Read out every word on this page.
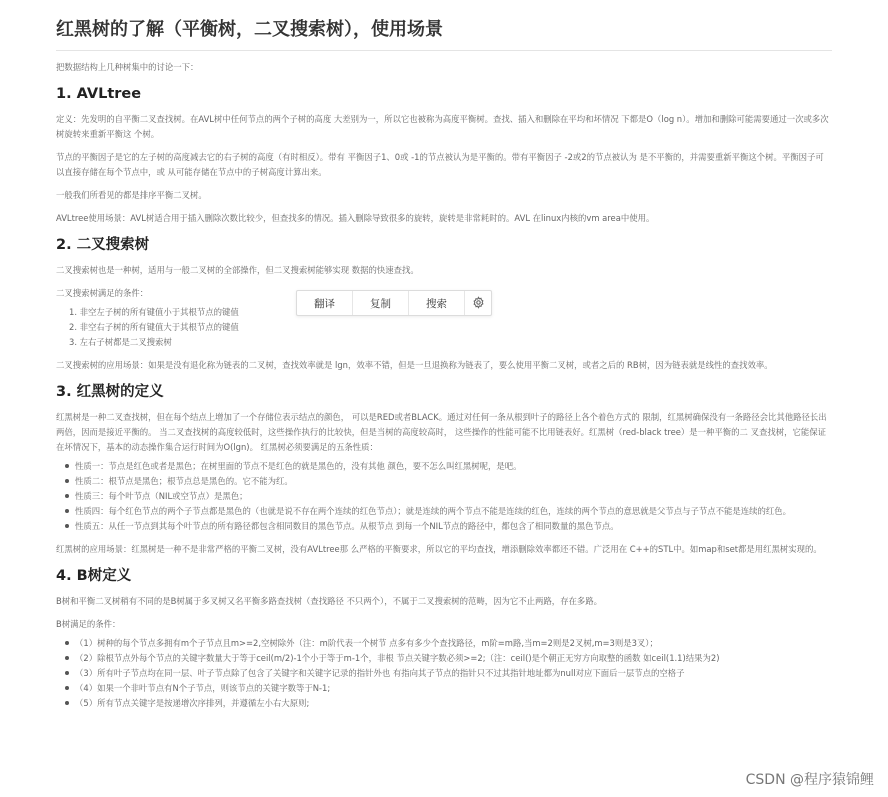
红黑树的了解（平衡树，二叉搜索树），使用场景

把数据结构上几种树集中的讨论一下：

1. AVLtree

定义：先发明的自平衡二叉查找树。在AVL树中任何节点的两个子树的高度 大差别为一，所以它也被称为高度平衡树。查找、插入和删除在平均和坏情况 下都是O（log n）。增加和删除可能需要通过一次或多次树旋转来重新平衡这 个树。

节点的平衡因子是它的左子树的高度减去它的右子树的高度（有时相反）。带有 平衡因子1、0或 -1的节点被认为是平衡的。带有平衡因子 -2或2的节点被认为 是不平衡的，并需要重新平衡这个树。平衡因子可以直接存储在每个节点中，或 从可能存储在节点中的子树高度计算出来。

一般我们所看见的都是排序平衡二叉树。

AVLtree使用场景：AVL树适合用于插入删除次数比较少，但查找多的情况。插入删除导致很多的旋转，旋转是非常耗时的。AVL 在linux内核的vm area中使用。

2. 二叉搜索树

二叉搜索树也是一种树，适用与一般二叉树的全部操作，但二叉搜索树能够实现 数据的快速查找。

二叉搜索树满足的条件：

1. 非空左子树的所有键值小于其根节点的键值
2. 非空右子树的所有键值大于其根节点的键值
3. 左右子树都是二叉搜索树

二叉搜索树的应用场景：如果是没有退化称为链表的二叉树，查找效率就是 lgn，效率不错，但是一旦退换称为链表了，要么使用平衡二叉树，或者之后的 RB树，因为链表就是线性的查找效率。

3. 红黑树的定义

红黑树是一种二叉查找树，但在每个结点上增加了一个存储位表示结点的颜色， 可以是RED或者BLACK。通过对任何一条从根到叶子的路径上各个着色方式的 限制，红黑树确保没有一条路径会比其他路径长出两倍，因而是接近平衡的。 当二叉查找树的高度较低时，这些操作执行的比较快，但是当树的高度较高时， 这些操作的性能可能不比用链表好。红黑树（red-black tree）是一种平衡的二 叉查找树，它能保证在坏情况下，基本的动态操作集合运行时间为O(lgn)。 红黑树必须要满足的五条性质：

性质一：节点是红色或者是黑色；在树里面的节点不是红色的就是黑色的，没有其他 颜色，要不怎么叫红黑树呢，是吧。
性质二：根节点是黑色；根节点总是黑色的。它不能为红。
性质三：每个叶节点（NIL或空节点）是黑色；
性质四：每个红色节点的两个子节点都是黑色的（也就是说不存在两个连续的红色节点）；就是连续的两个节点不能是连续的红色，连续的两个节点的意思就是父节点与子节点不能是连续的红色。
性质五：从任一节点到其每个叶节点的所有路径都包含相同数目的黑色节点。从根节点 到每一个NIL节点的路径中，都包含了相同数量的黑色节点。

红黑树的应用场景：红黑树是一种不是非常严格的平衡二叉树，没有AVLtree那 么严格的平衡要求，所以它的平均查找，增添删除效率都还不错。广泛用在 C++的STL中。如map和set都是用红黑树实现的。

4. B树定义

B树和平衡二叉树稍有不同的是B树属于多叉树又名平衡多路查找树（查找路径 不只两个），不属于二叉搜索树的范畴，因为它不止两路，存在多路。

B树满足的条件：

（1）树种的每个节点多拥有m个子节点且m>=2,空树除外（注：m阶代表一个树节 点多有多少个查找路径，m阶=m路,当m=2则是2叉树,m=3则是3叉）；
（2）除根节点外每个节点的关键字数量大于等于ceil(m/2)-1个小于等于m-1个，非根 节点关键字数必须>=2;（注：ceil()是个朝正无穷方向取整的函数 如ceil(1.1)结果为2)
（3）所有叶子节点均在同一层、叶子节点除了包含了关键字和关键字记录的指针外也 有指向其子节点的指针只不过其指针地址都为null对应下面后一层节点的空格子
（4）如果一个非叶节点有N个子节点，则该节点的关键字数等于N-1;
（5）所有节点关键字是按递增次序排列，并遵循左小右大原则;
翻译	复制	搜索
CSDN @程序猿锦鲤
